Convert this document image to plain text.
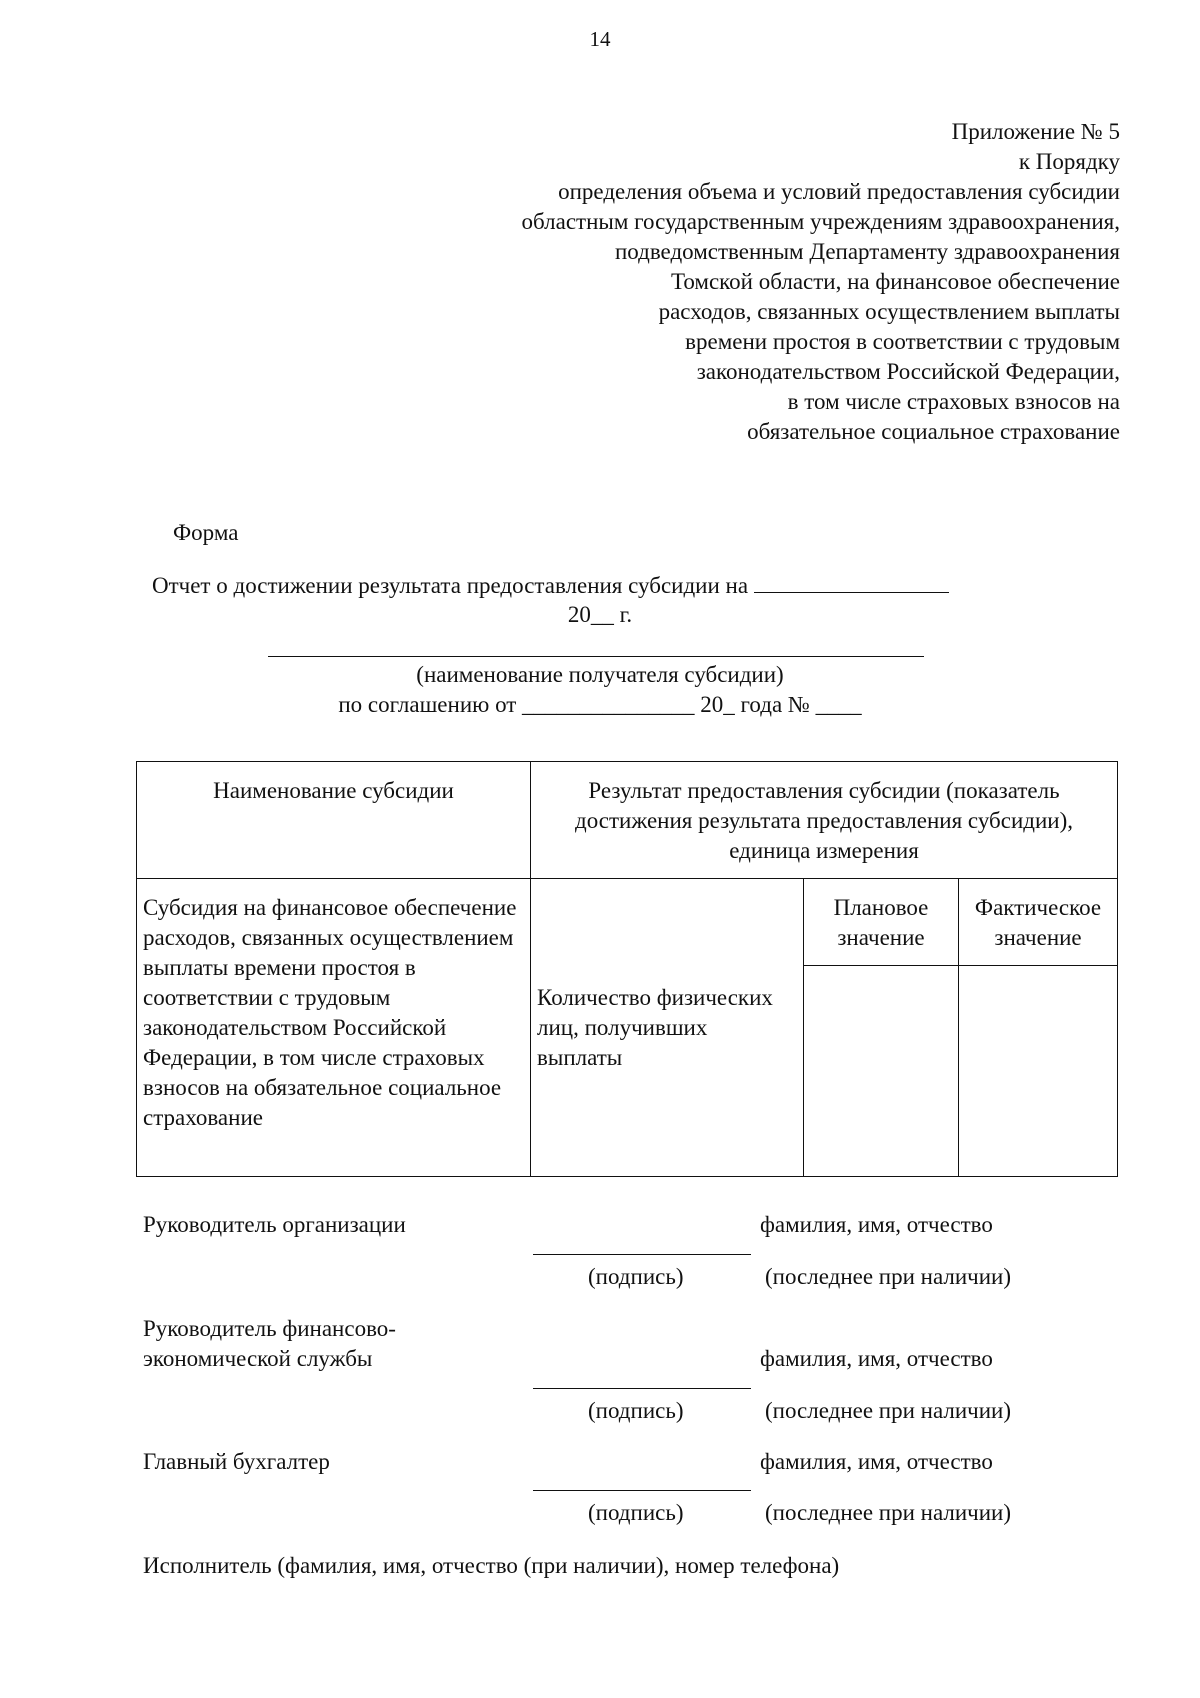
14
Приложение № 5
к Порядку
определения объема и условий предоставления субсидии
областным государственным учреждениям здравоохранения,
подведомственным Департаменту здравоохранения
Томской области, на финансовое обеспечение
расходов, связанных осуществлением выплаты
времени простоя в соответствии с трудовым
законодательством Российской Федерации,
в том числе страховых взносов на
обязательное социальное страхование
Форма
Отчет о достижении результата предоставления субсидии на
20__ г.
(наименование получателя субсидии)
по соглашению от _______________ 20_ года № ____
Наименование субсидии	Результат предоставления субсидии (показатель достижения результата предоставления субсидии), единица измерения		
Субсидия на финансовое обеспечение расходов, связанных осуществлением выплаты времени простоя в соответствии с трудовым законодательством Российской Федерации, в том числе страховых взносов на обязательное социальное страхование	Количество физических лиц, получивших выплаты	Плановое значение	Фактическое значение

Руководитель организации	фамилия, имя, отчество
(подпись)	(последнее при наличии)
Руководитель финансово-
экономической службы	фамилия, имя, отчество
(подпись)	(последнее при наличии)
Главный бухгалтер	фамилия, имя, отчество
(подпись)	(последнее при наличии)
Исполнитель (фамилия, имя, отчество (при наличии), номер телефона)
